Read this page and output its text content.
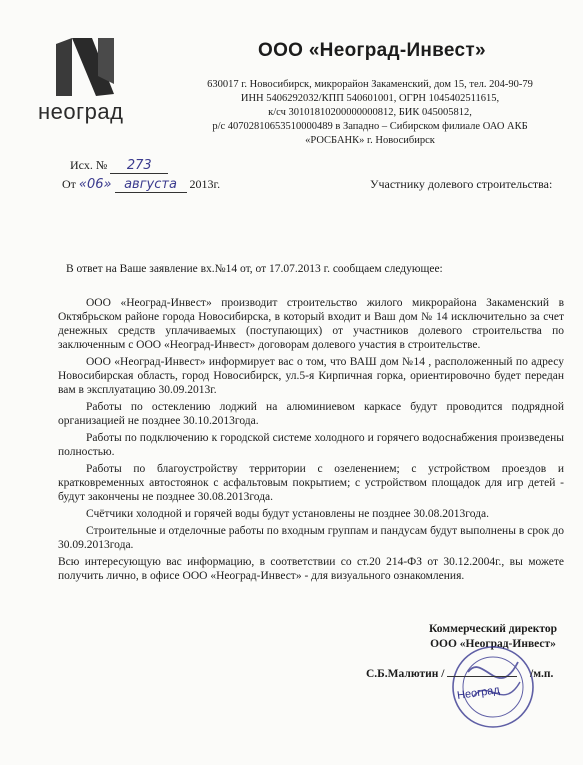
неоград
ООО «Неоград-Инвест»
630017 г. Новосибирск, микрорайон Закаменский, дом 15, тел. 204-90-79
ИНН 5406292032/КПП 540601001, ОГРН 1045402511615,
к/сч 30101810200000000812, БИК 045005812,
р/с 40702810653510000489 в Западно – Сибирском филиале ОАО АКБ
«РОСБАНК» г. Новосибирск
Исх. № 273
От «06» августа 2013г.	Участнику долевого строительства:

В ответ на Ваше заявление вх.№14 от, от 17.07.2013 г. сообщаем следующее:

ООО «Неоград-Инвест» производит строительство жилого микрорайона Закаменский в Октябрьском районе города Новосибирска, в который входит и Ваш дом № 14 исключительно за счет денежных средств уплачиваемых (поступающих) от участников долевого строительства по заключенным с ООО «Неоград-Инвест» договорам долевого участия в строительстве.

ООО «Неоград-Инвест» информирует вас о том, что ВАШ дом №14 , расположенный по адресу Новосибирская область, город Новосибирск, ул.5-я Кирпичная горка, ориентировочно будет передан вам в эксплуатацию 30.09.2013г.

Работы по остеклению лоджий на алюминиевом каркасе будут проводится подрядной организацией не позднее 30.10.2013года.

Работы по подключению к городской системе холодного и горячего водоснабжения произведены полностью.

Работы по благоустройству территории с озеленением; с устройством проездов и кратковременных автостоянок с асфальтовым покрытием; с устройством площадок для игр детей - будут закончены не позднее 30.08.2013года.

Счётчики холодной и горячей воды будут установлены не позднее 30.08.2013года.

Строительные и отделочные работы по входным группам и пандусам будут выполнены в срок до 30.09.2013года.

Всю интересующую вас информацию, в соответствии со ст.20 214-ФЗ от 30.12.2004г., вы можете получить лично, в офисе ООО «Неоград-Инвест» - для визуального ознакомления.

Коммерческий директор
ООО «Неоград-Инвест»
Неоград
С.Б.Малютин /	/м.п.
